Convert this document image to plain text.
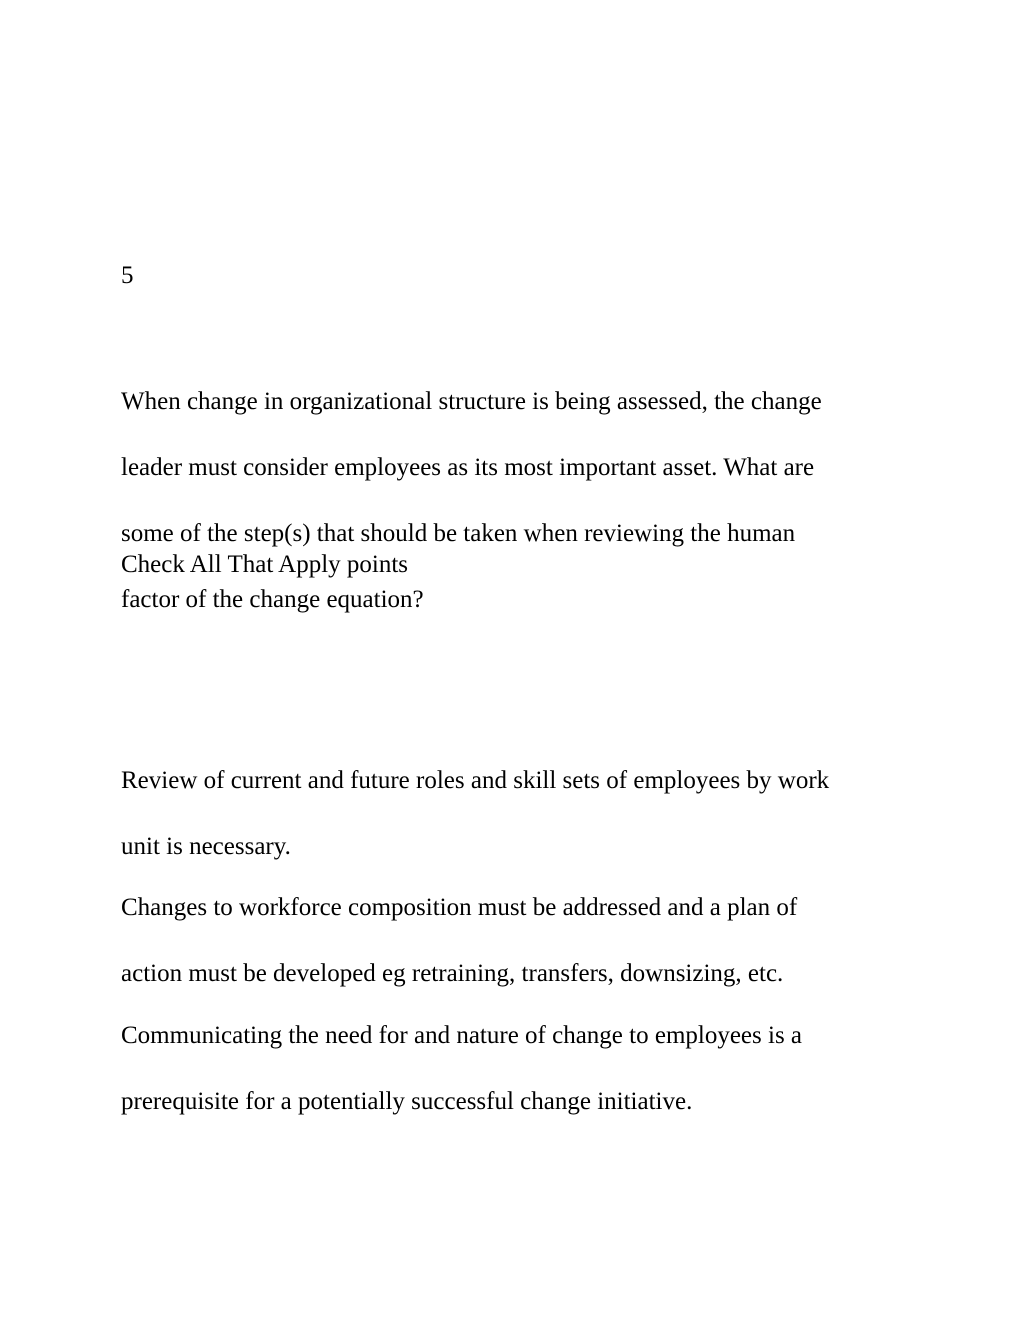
5

When change in organizational structure is being assessed, the change

leader must consider employees as its most important asset. What are

some of the step(s) that should be taken when reviewing the human

factor of the change equation?

Check All That Apply points

Review of current and future roles and skill sets of employees by work

unit is necessary.

Changes to workforce composition must be addressed and a plan of

action must be developed eg retraining, transfers, downsizing, etc.

Communicating the need for and nature of change to employees is a

prerequisite for a potentially successful change initiative.
